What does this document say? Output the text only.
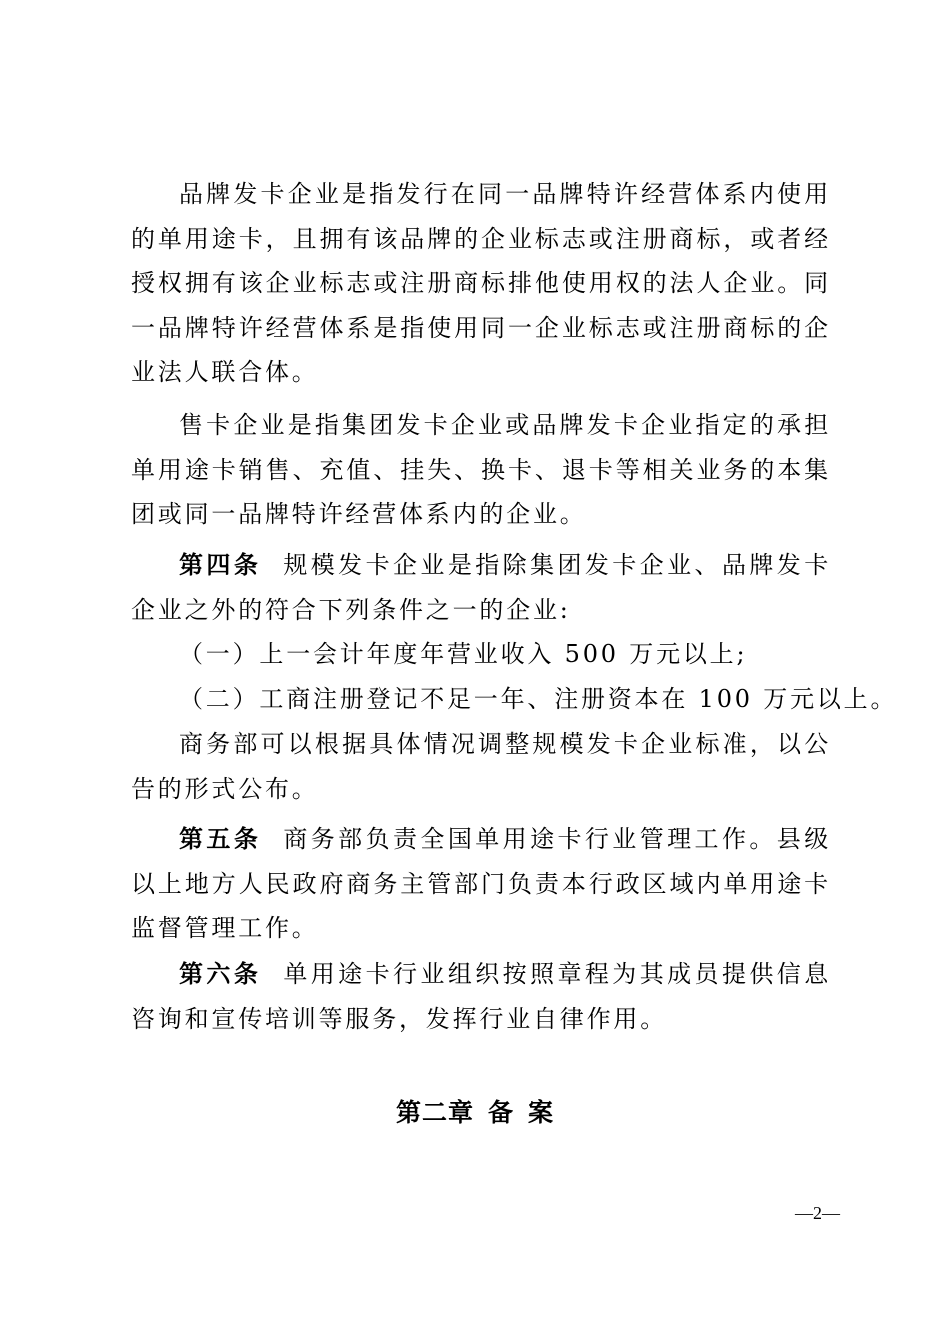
品牌发卡企业是指发行在同一品牌特许经营体系内使用的单用途卡，且拥有该品牌的企业标志或注册商标，或者经授权拥有该企业标志或注册商标排他使用权的法人企业。同一品牌特许经营体系是指使用同一企业标志或注册商标的企业法人联合体。

售卡企业是指集团发卡企业或品牌发卡企业指定的承担单用途卡销售、充值、挂失、换卡、退卡等相关业务的本集团或同一品牌特许经营体系内的企业。

第四条 规模发卡企业是指除集团发卡企业、品牌发卡企业之外的符合下列条件之一的企业:

（一）上一会计年度年营业收入 500 万元以上;

（二）工商注册登记不足一年、注册资本在 100 万元以上。

商务部可以根据具体情况调整规模发卡企业标准，以公告的形式公布。

第五条 商务部负责全国单用途卡行业管理工作。县级以上地方人民政府商务主管部门负责本行政区域内单用途卡监督管理工作。

第六条 单用途卡行业组织按照章程为其成员提供信息咨询和宣传培训等服务，发挥行业自律作用。

第二章 备 案

—2—
